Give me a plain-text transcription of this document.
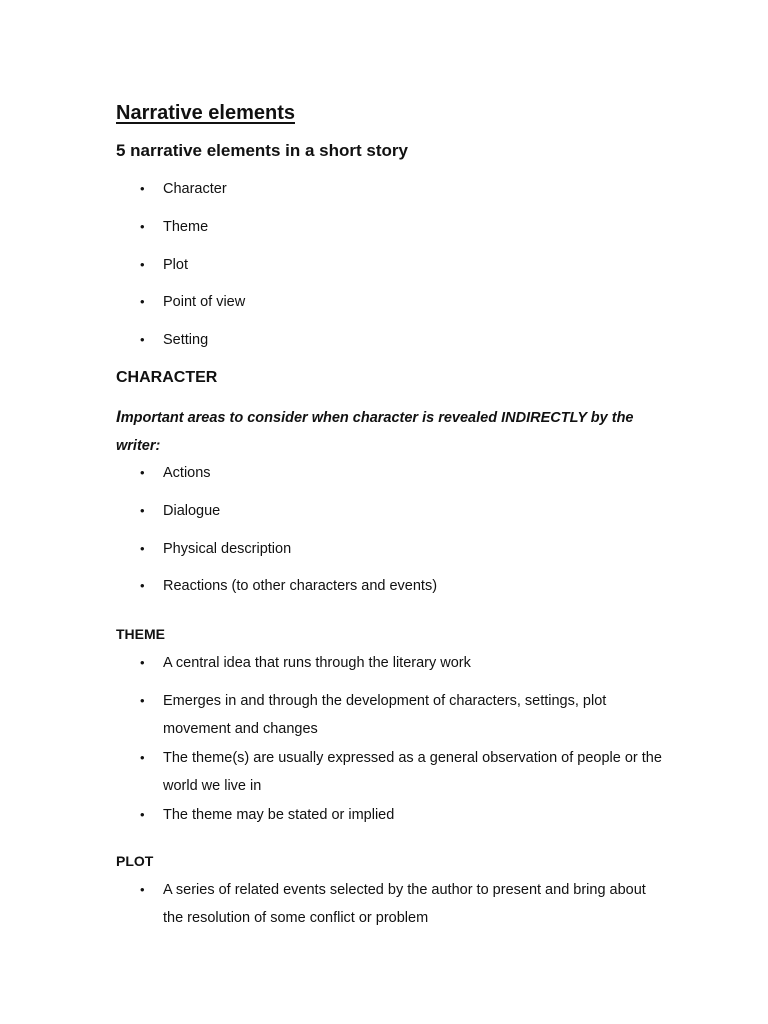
Narrative elements
5 narrative elements in a short story
• Character
• Theme
• Plot
• Point of view
• Setting
CHARACTER

Important areas to consider when character is revealed INDIRECTLY by the writer:

• Actions
• Dialogue
• Physical description
• Reactions (to other characters and events)
THEME
• A central idea that runs through the literary work
• Emerges in and through the development of characters, settings, plot movement and changes
• The theme(s) are usually expressed as a general observation of people or the world we live in
• The theme may be stated or implied
PLOT
• A series of related events selected by the author to present and bring about the resolution of some conflict or problem
